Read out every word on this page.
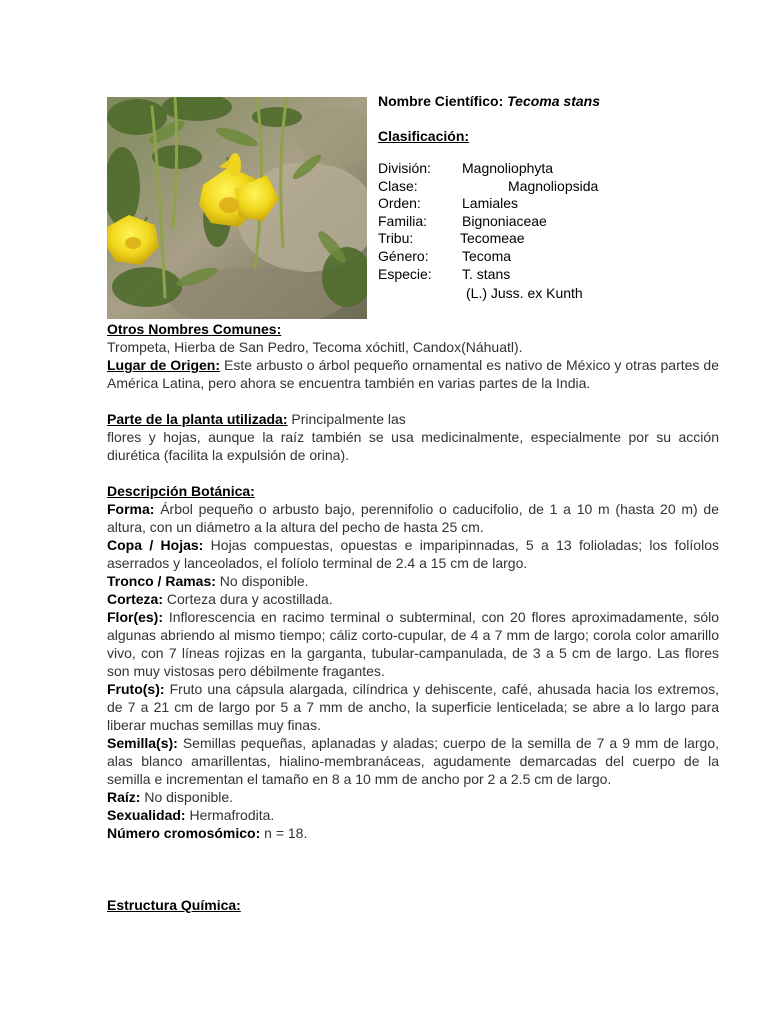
Nombre Científico: Tecoma stans
Clasificación:
División: Magnoliophyta
Clase:	Magnoliopsida
Orden:	Lamiales
Familia: Bignoniaceae
Tribu:	Tecomeae
Género: Tecoma
Especie: T. stans
(L.) Juss. ex Kunth

Otros Nombres Comunes:

Trompeta, Hierba de San Pedro, Tecoma xóchitl, Candox(Náhuatl).

Lugar de Origen: Este arbusto o árbol pequeño ornamental es nativo de México y otras partes de América Latina, pero ahora se encuentra también en varias partes de la India.

Parte de la planta utilizada: Principalmente las

flores y hojas, aunque la raíz también se usa medicinalmente, especialmente por su acción diurética (facilita la expulsión de orina).

Descripción Botánica:

Forma: Árbol pequeño o arbusto bajo, perennifolio o caducifolio, de 1 a 10 m (hasta 20 m) de altura, con un diámetro a la altura del pecho de hasta 25 cm.

Copa / Hojas: Hojas compuestas, opuestas e imparipinnadas, 5 a 13 folioladas; los folíolos aserrados y lanceolados, el folíolo terminal de 2.4 a 15 cm de largo.

Tronco / Ramas: No disponible.

Corteza: Corteza dura y acostillada.

Flor(es): Inflorescencia en racimo terminal o subterminal, con 20 flores aproximadamente, sólo algunas abriendo al mismo tiempo; cáliz corto-cupular, de 4 a 7 mm de largo; corola color amarillo vivo, con 7 líneas rojizas en la garganta, tubular-campanulada, de 3 a 5 cm de largo. Las flores son muy vistosas pero débilmente fragantes.

Fruto(s): Fruto una cápsula alargada, cilíndrica y dehiscente, café, ahusada hacia los extremos, de 7 a 21 cm de largo por 5 a 7 mm de ancho, la superficie lenticelada; se abre a lo largo para liberar muchas semillas muy finas.

Semilla(s): Semillas pequeñas, aplanadas y aladas; cuerpo de la semilla de 7 a 9 mm de largo, alas blanco amarillentas, hialino-membranáceas, agudamente demarcadas del cuerpo de la semilla e incrementan el tamaño en 8 a 10 mm de ancho por 2 a 2.5 cm de largo.

Raíz: No disponible.

Sexualidad: Hermafrodita.

Número cromosómico: n = 18.

Estructura Química:
